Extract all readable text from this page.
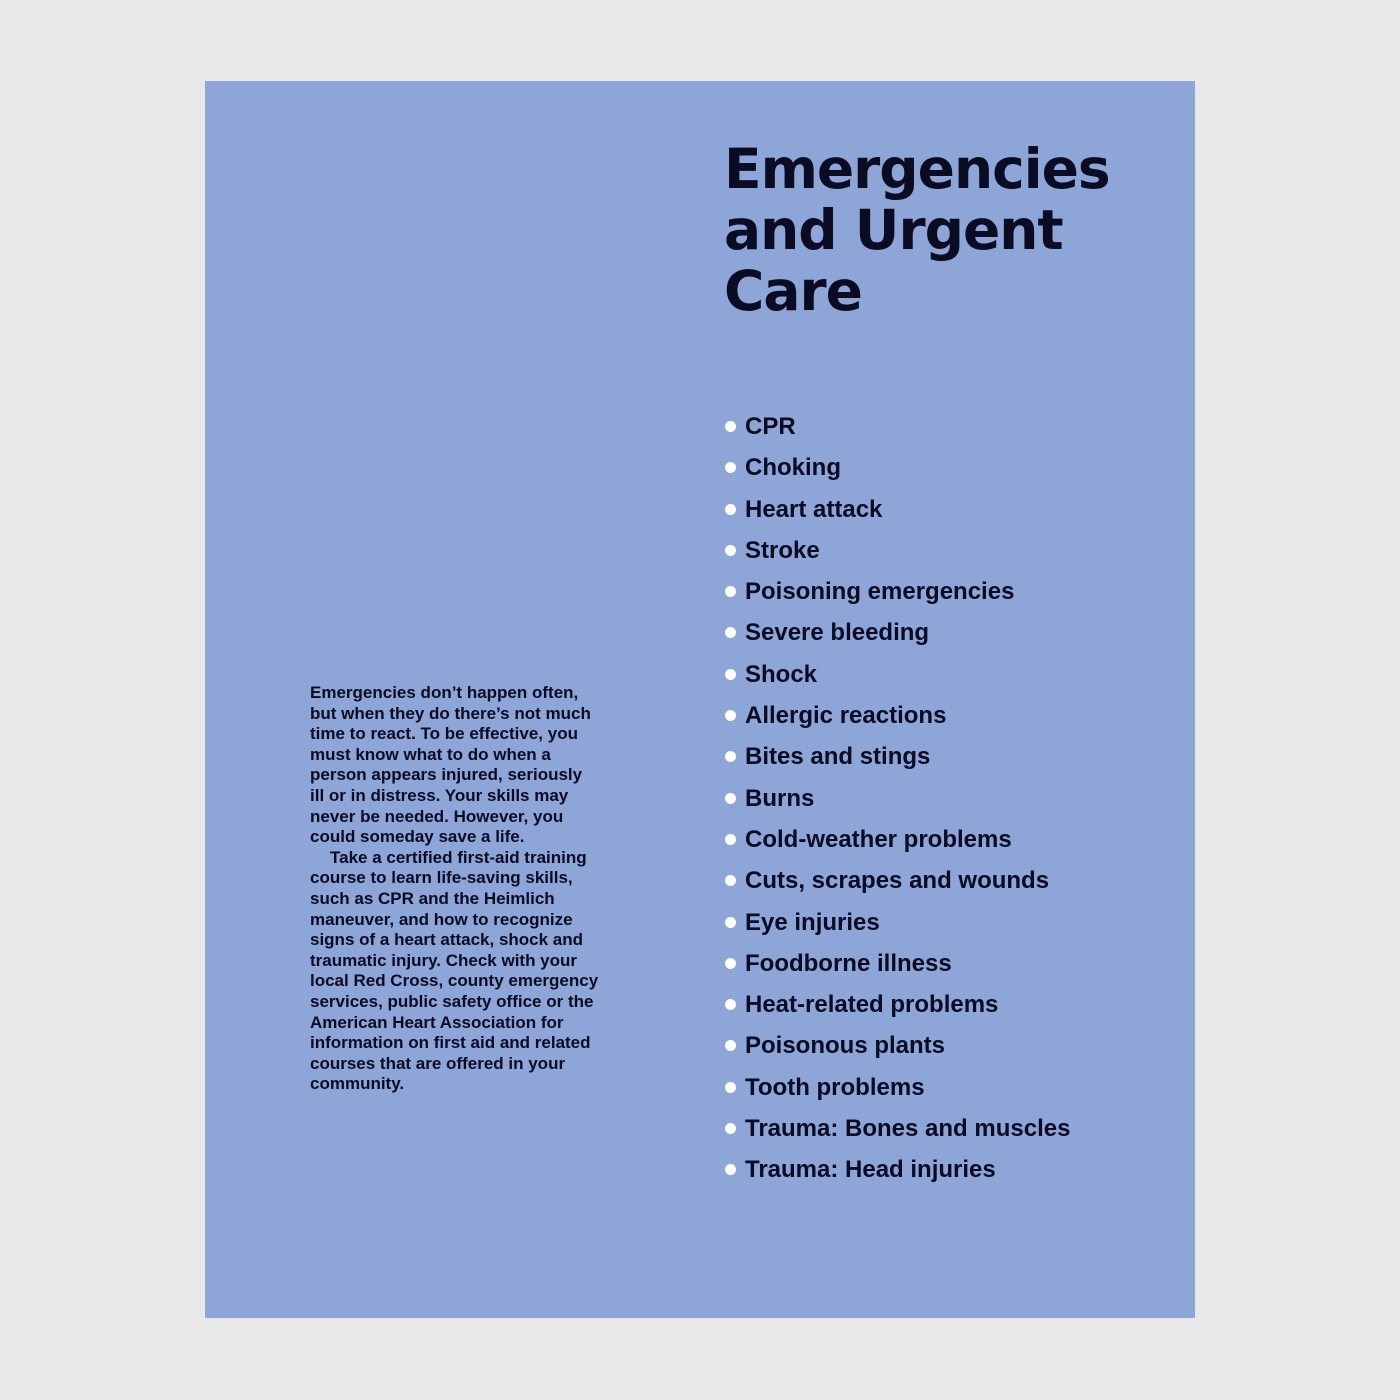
Emergencies
and Urgent
Care

Emergencies don’t happen often, but when they do there’s not much time to react. To be effective, you must know what to do when a person appears injured, seriously ill or in distress. Your skills may never be needed. However, you could someday save a life.

Take a certified first-aid training course to learn life-saving skills, such as CPR and the Heimlich maneuver, and how to recognize signs of a heart attack, shock and traumatic injury. Check with your local Red Cross, county emergency services, public safety office or the American Heart Association for information on first aid and related courses that are offered in your community.

CPR
Choking
Heart attack
Stroke
Poisoning emergencies
Severe bleeding
Shock
Allergic reactions
Bites and stings
Burns
Cold-weather problems
Cuts, scrapes and wounds
Eye injuries
Foodborne illness
Heat-related problems
Poisonous plants
Tooth problems
Trauma: Bones and muscles
Trauma: Head injuries
